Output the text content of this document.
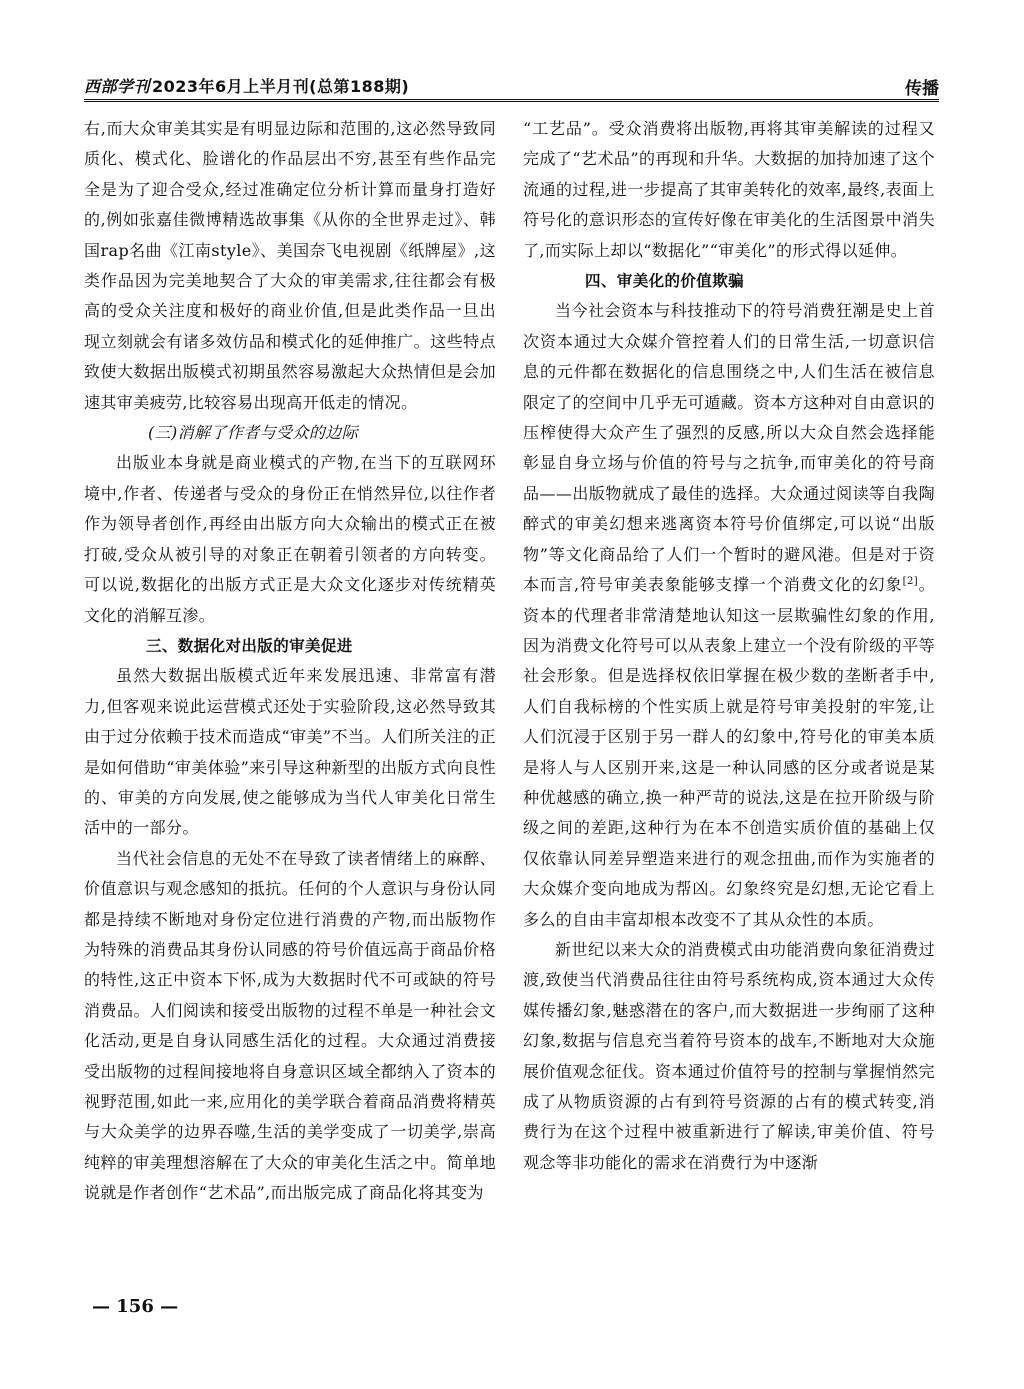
西部学刊 2023年6月上半月刊(总第188期)	传播

右,而大众审美其实是有明显边际和范围的,这必然导致同质化、模式化、脸谱化的作品层出不穷,甚至有些作品完全是为了迎合受众,经过准确定位分析计算而量身打造好的,例如张嘉佳微博精选故事集《从你的全世界走过》、韩国rap名曲《江南style》、美国奈飞电视剧《纸牌屋》,这类作品因为完美地契合了大众的审美需求,往往都会有极高的受众关注度和极好的商业价值,但是此类作品一旦出现立刻就会有诸多效仿品和模式化的延伸推广。这些特点致使大数据出版模式初期虽然容易激起大众热情但是会加速其审美疲劳,比较容易出现高开低走的情况。

(三)消解了作者与受众的边际

出版业本身就是商业模式的产物,在当下的互联网环境中,作者、传递者与受众的身份正在悄然异位,以往作者作为领导者创作,再经由出版方向大众输出的模式正在被打破,受众从被引导的对象正在朝着引领者的方向转变。可以说,数据化的出版方式正是大众文化逐步对传统精英文化的消解互渗。

三、数据化对出版的审美促进

虽然大数据出版模式近年来发展迅速、非常富有潜力,但客观来说此运营模式还处于实验阶段,这必然导致其由于过分依赖于技术而造成“审美”不当。人们所关注的正是如何借助“审美体验”来引导这种新型的出版方式向良性的、审美的方向发展,使之能够成为当代人审美化日常生活中的一部分。

当代社会信息的无处不在导致了读者情绪上的麻醉、价值意识与观念感知的抵抗。任何的个人意识与身份认同都是持续不断地对身份定位进行消费的产物,而出版物作为特殊的消费品其身份认同感的符号价值远高于商品价格的特性,这正中资本下怀,成为大数据时代不可或缺的符号消费品。人们阅读和接受出版物的过程不单是一种社会文化活动,更是自身认同感生活化的过程。大众通过消费接受出版物的过程间接地将自身意识区域全都纳入了资本的视野范围,如此一来,应用化的美学联合着商品消费将精英与大众美学的边界吞噬,生活的美学变成了一切美学,崇高纯粹的审美理想溶解在了大众的审美化生活之中。简单地说就是作者创作“艺术品”,而出版完成了商品化将其变为

“工艺品”。受众消费将出版物,再将其审美解读的过程又完成了“艺术品”的再现和升华。大数据的加持加速了这个流通的过程,进一步提高了其审美转化的效率,最终,表面上符号化的意识形态的宣传好像在审美化的生活图景中消失了,而实际上却以“数据化”“审美化”的形式得以延伸。

四、审美化的价值欺骗

当今社会资本与科技推动下的符号消费狂潮是史上首次资本通过大众媒介管控着人们的日常生活,一切意识信息的元件都在数据化的信息围绕之中,人们生活在被信息限定了的空间中几乎无可遁藏。资本方这种对自由意识的压榨使得大众产生了强烈的反感,所以大众自然会选择能彰显自身立场与价值的符号与之抗争,而审美化的符号商品——出版物就成了最佳的选择。大众通过阅读等自我陶醉式的审美幻想来逃离资本符号价值绑定,可以说“出版物”等文化商品给了人们一个暂时的避风港。但是对于资本而言,符号审美表象能够支撑一个消费文化的幻象[2]。资本的代理者非常清楚地认知这一层欺骗性幻象的作用,因为消费文化符号可以从表象上建立一个没有阶级的平等社会形象。但是选择权依旧掌握在极少数的垄断者手中,人们自我标榜的个性实质上就是符号审美投射的牢笼,让人们沉浸于区别于另一群人的幻象中,符号化的审美本质是将人与人区别开来,这是一种认同感的区分或者说是某种优越感的确立,换一种严苛的说法,这是在拉开阶级与阶级之间的差距,这种行为在本不创造实质价值的基础上仅仅依靠认同差异塑造来进行的观念扭曲,而作为实施者的大众媒介变向地成为帮凶。幻象终究是幻想,无论它看上多么的自由丰富却根本改变不了其从众性的本质。

新世纪以来大众的消费模式由功能消费向象征消费过渡,致使当代消费品往往由符号系统构成,资本通过大众传媒传播幻象,魅惑潜在的客户,而大数据进一步绚丽了这种幻象,数据与信息充当着符号资本的战车,不断地对大众施展价值观念征伐。资本通过价值符号的控制与掌握悄然完成了从物质资源的占有到符号资源的占有的模式转变,消费行为在这个过程中被重新进行了解读,审美价值、符号观念等非功能化的需求在消费行为中逐渐

— 156 —
